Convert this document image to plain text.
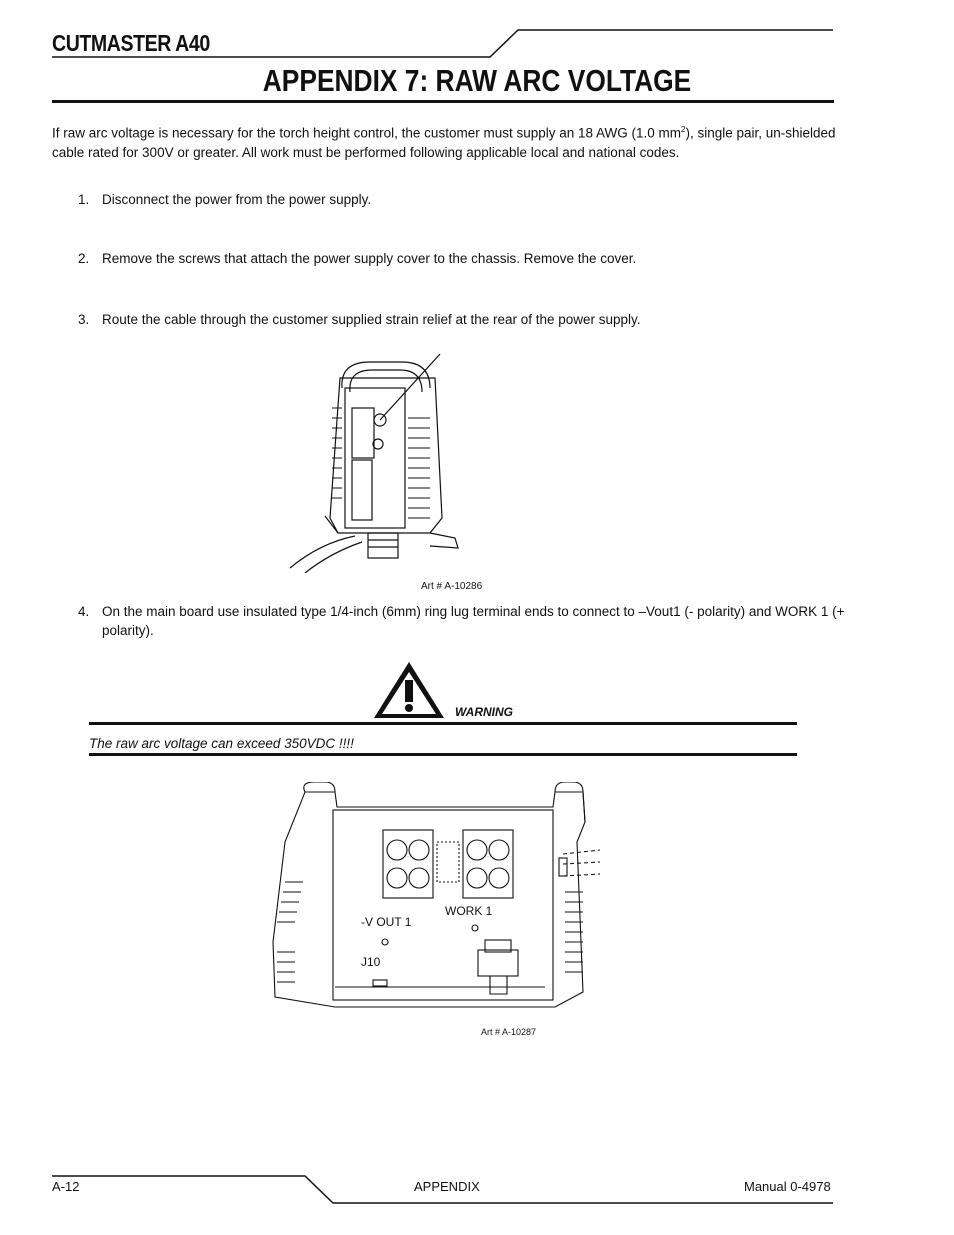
CUTMASTER A40
APPENDIX 7: RAW ARC VOLTAGE
If raw arc voltage is necessary for the torch height control, the customer must supply an 18 AWG (1.0 $mm^2$), single pair, un-shielded cable rated for 300V or greater. All work must be performed following applicable local and national codes.
1. Disconnect the power from the power supply.
2. Remove the screws that attach the power supply cover to the chassis. Remove the cover.
3. Route the cable through the customer supplied strain relief at the rear of the power supply.
Art # A-10286
4. On the main board use insulated type 1/4-inch (6mm) ring lug terminal ends to connect to –Vout1 (- polarity) and WORK 1 (+ polarity).
WARNING
The raw arc voltage can exceed 350VDC !!!!
-V OUT 1
WORK 1
J10
Art # A-10287
A-12	APPENDIX	Manual 0-4978
